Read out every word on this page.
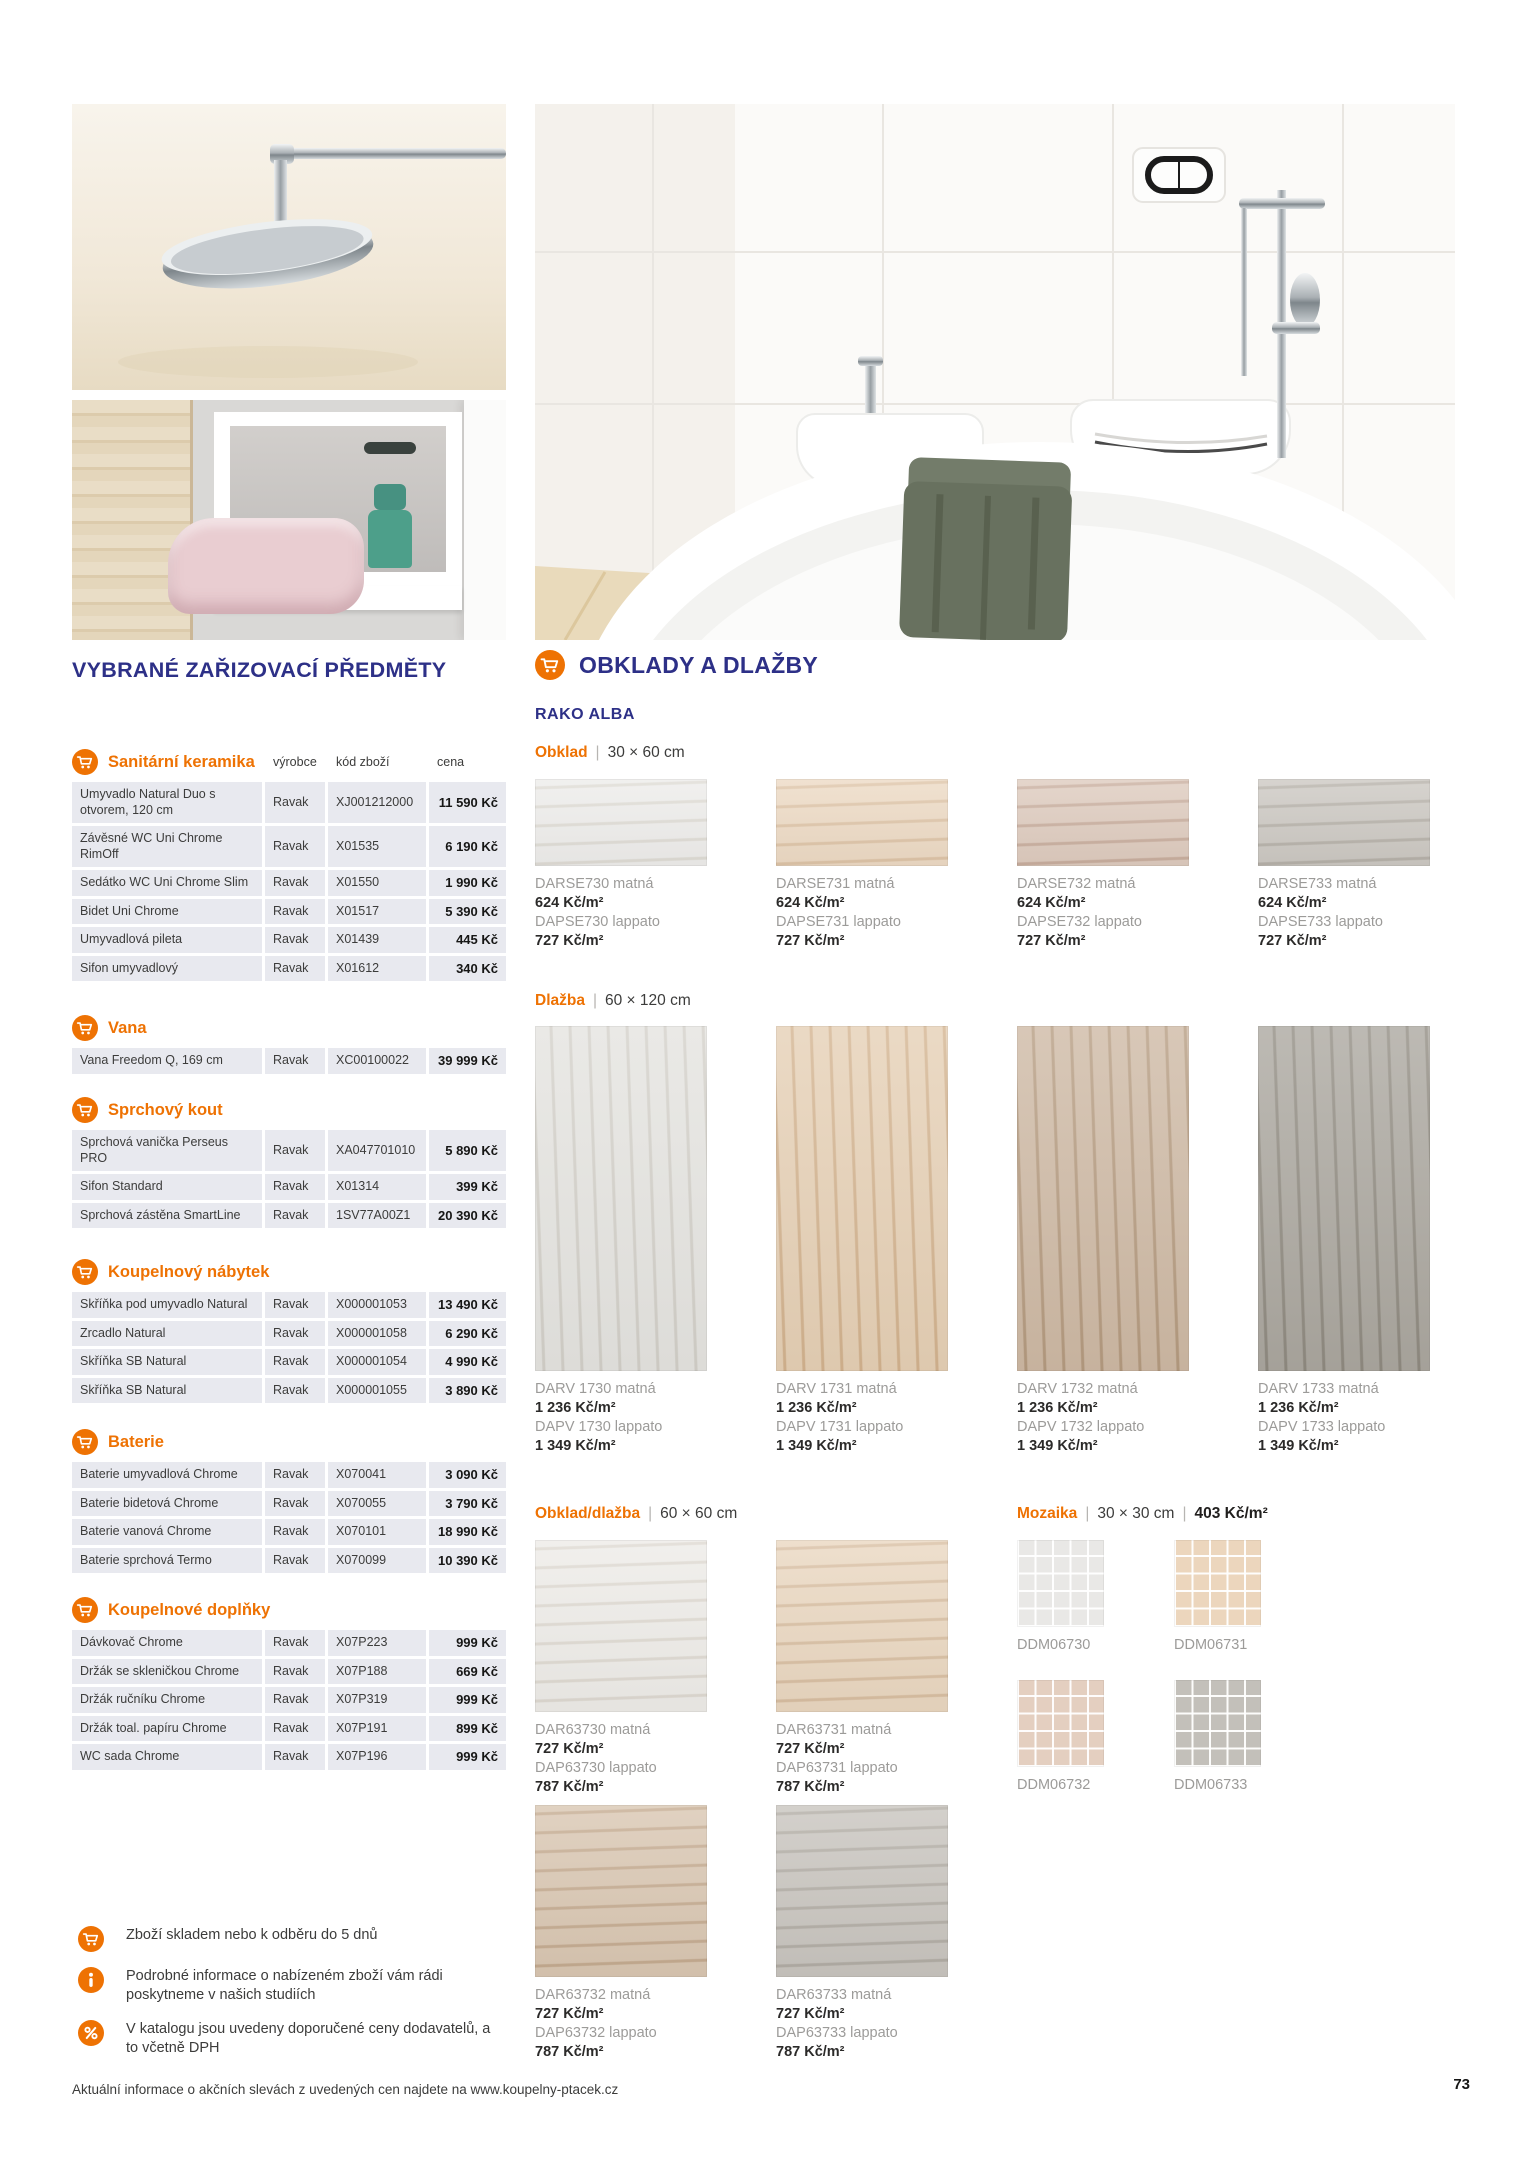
VYBRANÉ ZAŘIZOVACÍ PŘEDMĚTY	OBKLADY A DLAŽBY
RAKO ALBA
Sanitární keramika výrobce kód zboží	cena
Umyvadlo Natural Duo s otvorem, 120 cm
Ravak	XJ001212000	11 590 Kč
Závěsné WC Uni Chrome RimOff
Ravak	X01535	6 190 Kč
Sedátko WC Uni Chrome Slim	Ravak	X01550	1 990 Kč
Bidet Uni Chrome	Ravak	X01517	5 390 Kč
Umyvadlová pileta	Ravak	X01439	445 Kč
Sifon umyvadlový	Ravak	X01612	340 Kč
Vana
Vana Freedom Q, 169 cm	Ravak	XC00100022	39 999 Kč
Sprchový kout
Sprchová vanička Perseus PRO
Ravak	XA047701010	5 890 Kč
Sifon Standard	Ravak	X01314	399 Kč
Sprchová zástěna SmartLine	Ravak	1SV77A00Z1	20 390 Kč
Koupelnový nábytek
Skříňka pod umyvadlo Natural	Ravak	X000001053	13 490 Kč
Zrcadlo Natural	Ravak	X000001058	6 290 Kč
Skříňka SB Natural	Ravak	X000001054	4 990 Kč
Skříňka SB Natural	Ravak	X000001055	3 890 Kč
Baterie
Baterie umyvadlová Chrome	Ravak	X070041	3 090 Kč
Baterie bidetová Chrome	Ravak	X070055	3 790 Kč
Baterie vanová Chrome	Ravak	X070101	18 990 Kč
Baterie sprchová Termo	Ravak	X070099	10 390 Kč
Koupelnové doplňky
Dávkovač Chrome	Ravak	X07P223	999 Kč
Držák se skleničkou Chrome	Ravak	X07P188	669 Kč
Držák ručníku Chrome	Ravak	X07P319	999 Kč
Držák toal. papíru Chrome	Ravak	X07P191	899 Kč
WC sada Chrome	Ravak	X07P196	999 Kč
Obklad | 30 × 60 cm
DARSE730 matná
624 Kč/m²
DAPSE730 lappato
727 Kč/m²
DARSE731 matná
624 Kč/m²
DAPSE731 lappato
727 Kč/m²
DARSE732 matná
624 Kč/m²
DAPSE732 lappato
727 Kč/m²
DARSE733 matná
624 Kč/m²
DAPSE733 lappato
727 Kč/m²
Dlažba | 60 × 120 cm
DARV 1730 matná
1 236 Kč/m²
DAPV 1730 lappato
1 349 Kč/m²
DARV 1731 matná
1 236 Kč/m²
DAPV 1731 lappato
1 349 Kč/m²
DARV 1732 matná
1 236 Kč/m²
DAPV 1732 lappato
1 349 Kč/m²
DARV 1733 matná
1 236 Kč/m²
DAPV 1733 lappato
1 349 Kč/m²
Obklad/dlažba | 60 × 60 cm
DAR63730 matná
727 Kč/m²
DAP63730 lappato
787 Kč/m²
DAR63731 matná
727 Kč/m²
DAP63731 lappato
787 Kč/m²
DAR63732 matná
727 Kč/m²
DAP63732 lappato
787 Kč/m²
DAR63733 matná
727 Kč/m²
DAP63733 lappato
787 Kč/m²
Mozaika | 30 × 30 cm | 403 Kč/m²
DDM06730	DDM06731
DDM06732	DDM06733
Zboží skladem nebo k odběru do 5 dnů
Podrobné informace o nabízeném zboží vám rádi poskytneme v našich studiích
V katalogu jsou uvedeny doporučené ceny dodavatelů, a to včetně DPH
Aktuální informace o akčních slevách z uvedených cen najdete na www.koupelny-ptacek.cz	73
